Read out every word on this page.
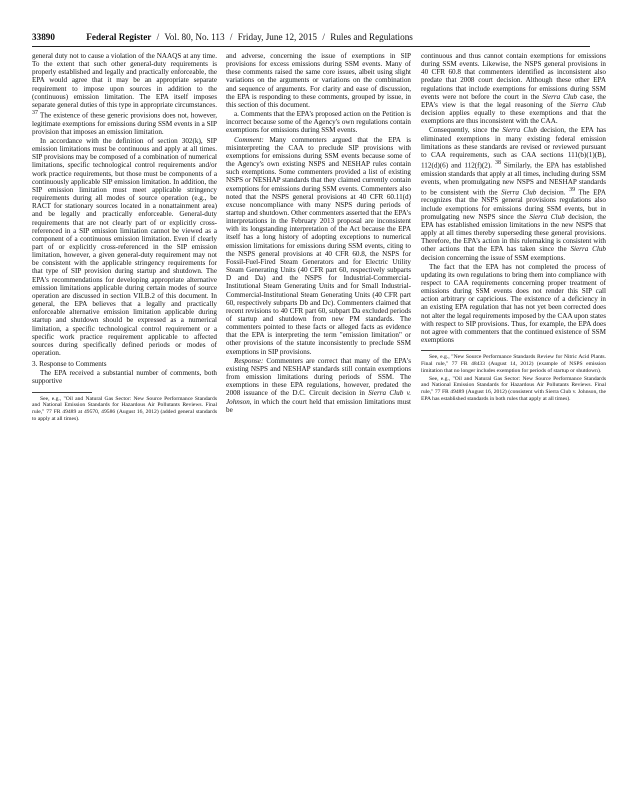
33890	Federal Register / Vol. 80, No. 113 / Friday, June 12, 2015 / Rules and Regulations

general duty not to cause a violation of the NAAQS at any time. To the extent that such other general-duty requirements is properly established and legally and practically enforceable, the EPA would agree that it may be an appropriate separate requirement to impose upon sources in addition to the (continuous) emission limitation. The EPA itself imposes separate general duties of this type in appropriate circumstances. $^{37}$ The existence of these generic provisions does not, however, legitimate exemptions for emissions during SSM events in a SIP provision that imposes an emission limitation.

In accordance with the definition of section 302(k), SIP emission limitations must be continuous and apply at all times. SIP provisions may be composed of a combination of numerical limitations, specific technological control requirements and/or work practice requirements, but those must be components of a continuously applicable SIP emission limitation. In addition, the SIP emission limitation must meet applicable stringency requirements during all modes of source operation (e.g., be RACT for stationary sources located in a nonattainment area) and be legally and practically enforceable. General-duty requirements that are not clearly part of or explicitly cross-referenced in a SIP emission limitation cannot be viewed as a component of a continuous emission limitation. Even if clearly part of or explicitly cross-referenced in the SIP emission limitation, however, a given general-duty requirement may not be consistent with the applicable stringency requirements for that type of SIP provision during startup and shutdown. The EPA's recommendations for developing appropriate alternative emission limitations applicable during certain modes of source operation are discussed in section VII.B.2 of this document. In general, the EPA believes that a legally and practically enforceable alternative emission limitation applicable during startup and shutdown should be expressed as a numerical limitation, a specific technological control requirement or a specific work practice requirement applicable to affected sources during specifically defined periods or modes of operation.

3. Response to Comments

The EPA received a substantial number of comments, both supportive

See, e.g., "Oil and Natural Gas Sector: New Source Performance Standards and National Emission Standards for Hazardous Air Pollutants Reviews. Final rule," 77 FR 49489 at 49570, 49586 (August 16, 2012) (added general standards to apply at all times).

and adverse, concerning the issue of exemptions in SIP provisions for excess emissions during SSM events. Many of these comments raised the same core issues, albeit using slight variations on the arguments or variations on the combination and sequence of arguments. For clarity and ease of discussion, the EPA is responding to these comments, grouped by issue, in this section of this document.

a. Comments that the EPA's proposed action on the Petition is incorrect because some of the Agency's own regulations contain exemptions for emissions during SSM events.

Comment: Many commenters argued that the EPA is misinterpreting the CAA to preclude SIP provisions with exemptions for emissions during SSM events because some of the Agency's own existing NSPS and NESHAP rules contain such exemptions. Some commenters provided a list of existing NSPS or NESHAP standards that they claimed currently contain exemptions for emissions during SSM events. Commenters also noted that the NSPS general provisions at 40 CFR 60.11(d) excuse noncompliance with many NSPS during periods of startup and shutdown. Other commenters asserted that the EPA's interpretations in the February 2013 proposal are inconsistent with its longstanding interpretation of the Act because the EPA itself has a long history of adopting exceptions to numerical emission limitations for emissions during SSM events, citing to the NSPS general provisions at 40 CFR 60.8, the NSPS for Fossil-Fuel-Fired Steam Generators and for Electric Utility Steam Generating Units (40 CFR part 60, respectively subparts D and Da) and the NSPS for Industrial-Commercial-Institutional Steam Generating Units and for Small Industrial-Commercial-Institutional Steam Generating Units (40 CFR part 60, respectively subparts Db and Dc). Commenters claimed that recent revisions to 40 CFR part 60, subpart Da excluded periods of startup and shutdown from new PM standards. The commenters pointed to these facts or alleged facts as evidence that the EPA is interpreting the term "emission limitation" or other provisions of the statute inconsistently to preclude SSM exemptions in SIP provisions.

Response: Commenters are correct that many of the EPA's existing NSPS and NESHAP standards still contain exemptions from emission limitations during periods of SSM. The exemptions in these EPA regulations, however, predated the 2008 issuance of the D.C. Circuit decision in Sierra Club v. Johnson, in which the court held that emission limitations must be

continuous and thus cannot contain exemptions for emissions during SSM events. Likewise, the NSPS general provisions in 40 CFR 60.8 that commenters identified as inconsistent also predate that 2008 court decision. Although these other EPA regulations that include exemptions for emissions during SSM events were not before the court in the Sierra Club case, the EPA's view is that the legal reasoning of the Sierra Club decision applies equally to these exemptions and that the exemptions are thus inconsistent with the CAA.

Consequently, since the Sierra Club decision, the EPA has eliminated exemptions in many existing federal emission limitations as these standards are revised or reviewed pursuant to CAA requirements, such as CAA sections 111(b)(1)(B), 112(d)(6) and 112(f)(2). $^{38}$ Similarly, the EPA has established emission standards that apply at all times, including during SSM events, when promulgating new NSPS and NESHAP standards to be consistent with the Sierra Club decision. $^{39}$ The EPA recognizes that the NSPS general provisions regulations also include exemptions for emissions during SSM events, but in promulgating new NSPS since the Sierra Club decision, the EPA has established emission limitations in the new NSPS that apply at all times thereby superseding these general provisions. Therefore, the EPA's action in this rulemaking is consistent with other actions that the EPA has taken since the Sierra Club decision concerning the issue of SSM exemptions.

The fact that the EPA has not completed the process of updating its own regulations to bring them into compliance with respect to CAA requirements concerning proper treatment of emissions during SSM events does not render this SIP call action arbitrary or capricious. The existence of a deficiency in an existing EPA regulation that has not yet been corrected does not alter the legal requirements imposed by the CAA upon states with respect to SIP provisions. Thus, for example, the EPA does not agree with commenters that the continued existence of SSM exemptions

See, e.g., "New Source Performance Standards Review for Nitric Acid Plants. Final rule," 77 FR 48433 (August 14, 2012) (example of NSPS emission limitation that no longer includes exemption for periods of startup or shutdown).

See, e.g., "Oil and Natural Gas Sector: New Source Performance Standards and National Emission Standards for Hazardous Air Pollutants Reviews. Final rule," 77 FR 49489 (August 16, 2012) (consistent with Sierra Club v. Johnson, the EPA has established standards in both rules that apply at all times).
